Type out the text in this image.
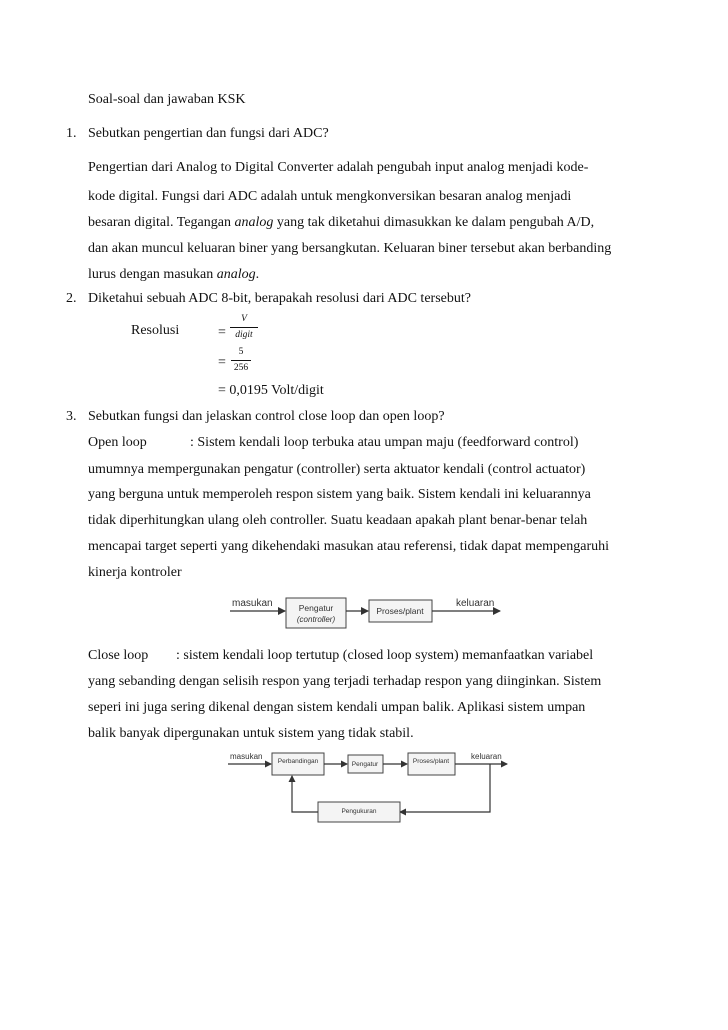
Soal-soal dan jawaban KSK
1. Sebutkan pengertian dan fungsi dari ADC?
Pengertian dari Analog to Digital Converter adalah pengubah input analog menjadi kode-
kode digital. Fungsi dari ADC adalah untuk mengkonversikan besaran analog menjadi
besaran digital. Tegangan analog yang tak diketahui dimasukkan ke dalam pengubah A/D,
dan akan muncul keluaran biner yang bersangkutan. Keluaran biner tersebut akan berbanding
lurus dengan masukan analog.
2. Diketahui sebuah ADC 8-bit, berapakah resolusi dari ADC tersebut?
Resolusi	=
V
digit
=
5
256
= 0,0195 Volt/digit
3. Sebutkan fungsi dan jelaskan control close loop dan open loop?
Open loop	: Sistem kendali loop terbuka atau umpan maju (feedforward control)
umumnya mempergunakan pengatur (controller) serta aktuator kendali (control actuator)
yang berguna untuk memperoleh respon sistem yang baik. Sistem kendali ini keluarannya
tidak diperhitungkan ulang oleh controller. Suatu keadaan apakah plant benar-benar telah
mencapai target seperti yang dikehendaki masukan atau referensi, tidak dapat mempengaruhi
kinerja kontroler
masukan	Pengatur
(controller)
Proses/plant
keluaran
Close loop : sistem kendali loop tertutup (closed loop system) memanfaatkan variabel
yang sebanding dengan selisih respon yang terjadi terhadap respon yang diinginkan. Sistem
seperi ini juga sering dikenal dengan sistem kendali umpan balik. Aplikasi sistem umpan
balik banyak dipergunakan untuk sistem yang tidak stabil.
masukan
Perbandingan	Pengatur	Proses/plant
keluaran
Pengukuran
